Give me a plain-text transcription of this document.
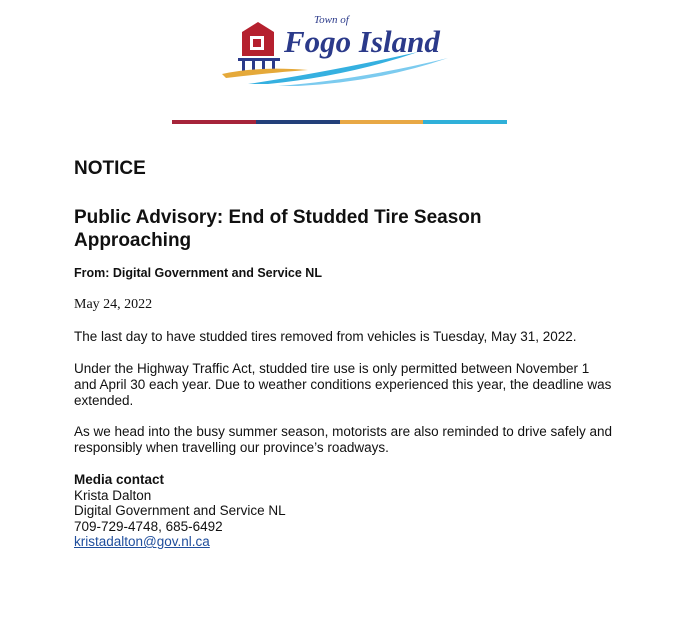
Town of
Fogo Island
NOTICE
Public Advisory: End of Studded Tire Season Approaching
From: Digital Government and Service NL
May 24, 2022

The last day to have studded tires removed from vehicles is Tuesday, May 31, 2022.

Under the Highway Traffic Act, studded tire use is only permitted between November 1 and April 30 each year. Due to weather conditions experienced this year, the deadline was extended.

As we head into the busy summer season, motorists are also reminded to drive safely and responsibly when travelling our province’s roadways.

Media contact
Krista Dalton
Digital Government and Service NL
709-729-4748, 685-6492
kristadalton@gov.nl.ca
